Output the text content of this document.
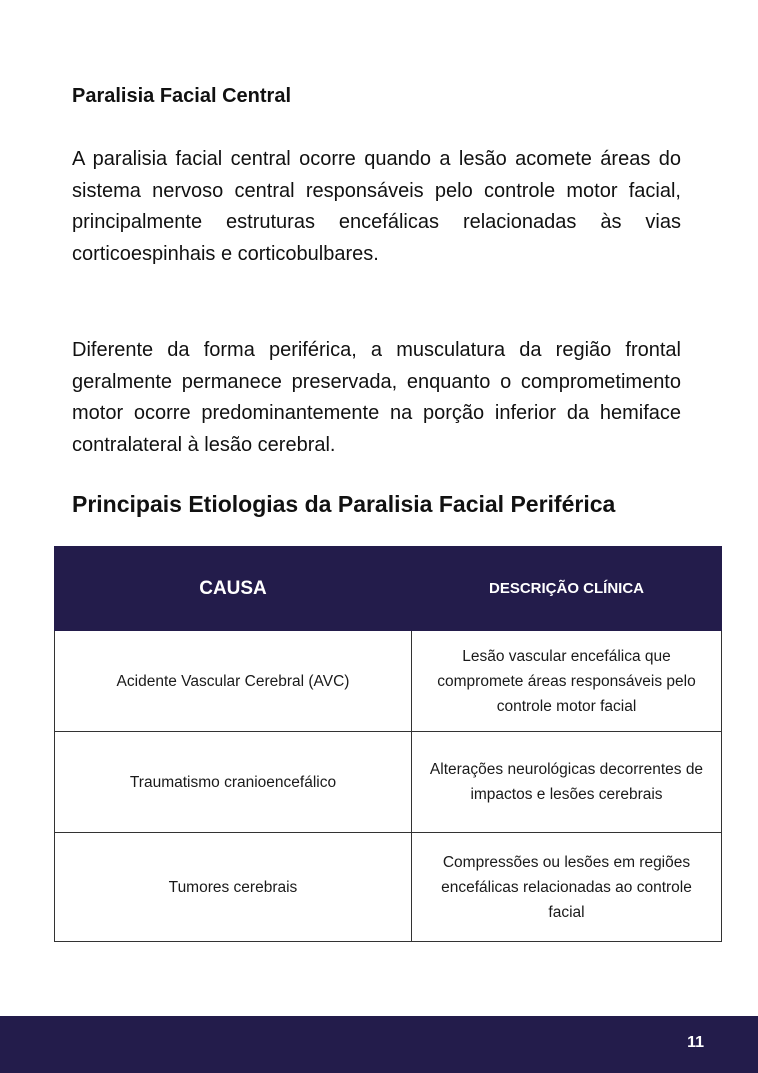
Paralisia Facial Central

A paralisia facial central ocorre quando a lesão acomete áreas do sistema nervoso central responsáveis pelo controle motor facial, principalmente estruturas encefálicas relacionadas às vias corticoespinhais e corticobulbares.

Diferente da forma periférica, a musculatura da região frontal geralmente permanece preservada, enquanto o comprometimento motor ocorre predominantemente na porção inferior da hemiface contralateral à lesão cerebral.

Principais Etiologias da Paralisia Facial Periférica
CAUSA	DESCRIÇÃO CLÍNICA
Acidente Vascular Cerebral (AVC)	Lesão vascular encefálica que compromete áreas responsáveis pelo controle motor facial
Traumatismo cranioencefálico	Alterações neurológicas decorrentes de impactos e lesões cerebrais
Tumores cerebrais	Compressões ou lesões em regiões encefálicas relacionadas ao controle facial
11
